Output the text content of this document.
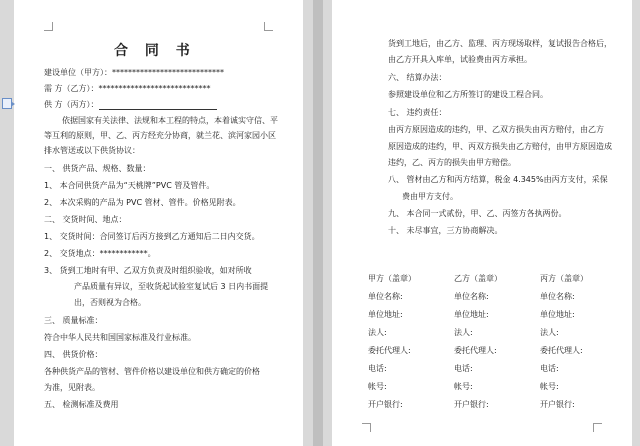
合 同 书
建设单位（甲方）：****************************
需 方（乙方）：****************************
供 方（丙方）：
依据国家有关法律、法规和本工程的特点，本着诚实守信、平
等互利的原则，甲、乙、丙方经充分协商，就兰花、滨河家园小区
排水管送或以下供货协议：
一、 供货产品、规格、数量：
1、 本合同供货产品为“天桃牌”PVC 管及管件。
2、 本次采购的产品为 PVC 管材、管件。价格见附表。
二、 交货时间、地点：
1、 交货时间：合同签订后丙方接到乙方通知后二日内交货。
2、 交货地点：************。
3、 货到工地时有甲、乙双方负责及时组织验收，如对所收
产品质量有异议，至收货起试验室复试后 3 日内书面提
出，否则视为合格。
三、 质量标准：
符合中华人民共和国国家标准及行业标准。
四、 供货价格：
各种供货产品的管材、管件价格以建设单位和供方确定的价格
为准，见附表。
五、 检测标准及费用
货到工地后，由乙方、监理、丙方现场取样，复试报告合格后，
由乙方开具入库单，试验费由丙方承担。
六、 结算办法：
参照建设单位和乙方所签订的建设工程合同。
七、 违约责任：
由丙方原因造成的违约，甲、乙双方损失由丙方赔付，由乙方
原因造成的违约，甲、丙双方损失由乙方赔付，由甲方原因造成
违约，乙、丙方的损失由甲方赔偿。
八、 管材由乙方和丙方结算，税金 4.345%由丙方支付，采保
费由甲方支付。
九、 本合同一式贰份，甲、乙、丙签方各执两份。
十、 未尽事宜，三方协商解决。
甲方（盖章）
单位名称:
单位地址:
法人:
委托代理人:
电话:
帐号:
开户银行:
乙方（盖章）
单位名称:
单位地址:
法人:
委托代理人:
电话:
帐号:
开户银行:
丙方（盖章）
单位名称:
单位地址:
法人:
委托代理人:
电话:
帐号:
开户银行:
